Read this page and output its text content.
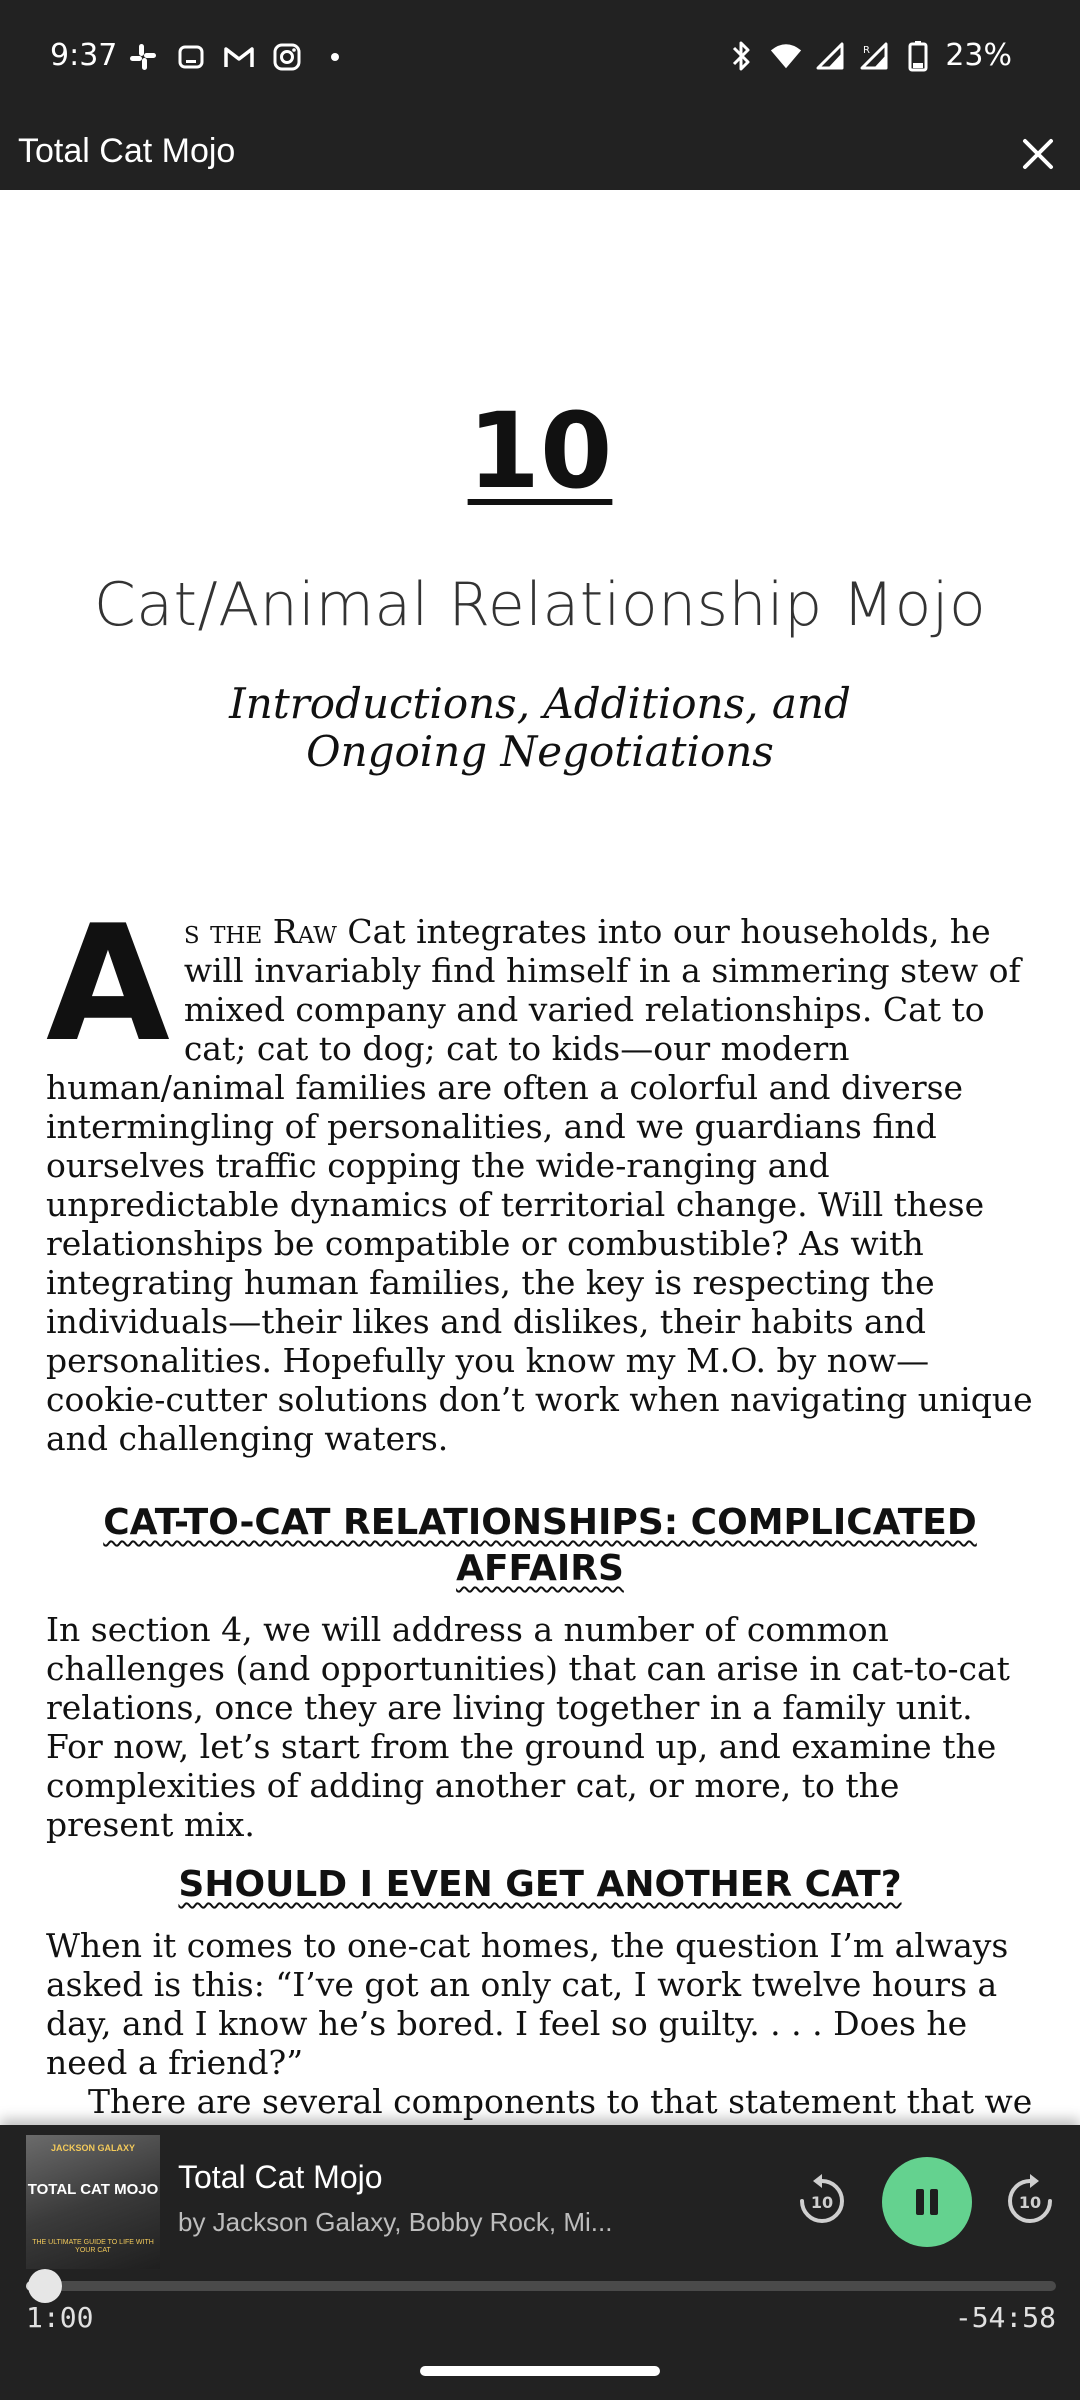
9:37	R	23%
Total Cat Mojo
10
Cat/Animal Relationship Mojo
Introductions, Additions, and Ongoing Negotiations
As the Raw Cat integrates into our households, he will invariably find himself in a simmering stew of mixed company and varied relationships. Cat to cat; cat to dog; cat to kids—our modern human/animal families are often a colorful and diverse intermingling of personalities, and we guardians find ourselves traffic copping the wide-ranging and unpredictable dynamics of territorial change. Will these relationships be compatible or combustible? As with integrating human families, the key is respecting the individuals—their likes and dislikes, their habits and personalities. Hopefully you know my M.O. by now—cookie-cutter solutions don’t work when navigating unique and challenging waters.
CAT-TO-CAT RELATIONSHIPS: COMPLICATED AFFAIRS
In section 4, we will address a number of common challenges (and opportunities) that can arise in cat-to-cat relations, once they are living together in a family unit. For now, let’s start from the ground up, and examine the complexities of adding another cat, or more, to the present mix.
SHOULD I EVEN GET ANOTHER CAT?
When it comes to one-cat homes, the question I’m always asked is this: “I’ve got an only cat, I work twelve hours a day, and I know he’s bored. I feel so guilty. . . . Does he need a friend?”
There are several components to that statement that we
JACKSON GALAXY
TOTAL CAT MOJO
THE ULTIMATE GUIDE TO LIFE WITH YOUR CAT
Total Cat Mojo
by Jackson Galaxy, Bobby Rock, Mi...
10	10
1:00	-54:58
